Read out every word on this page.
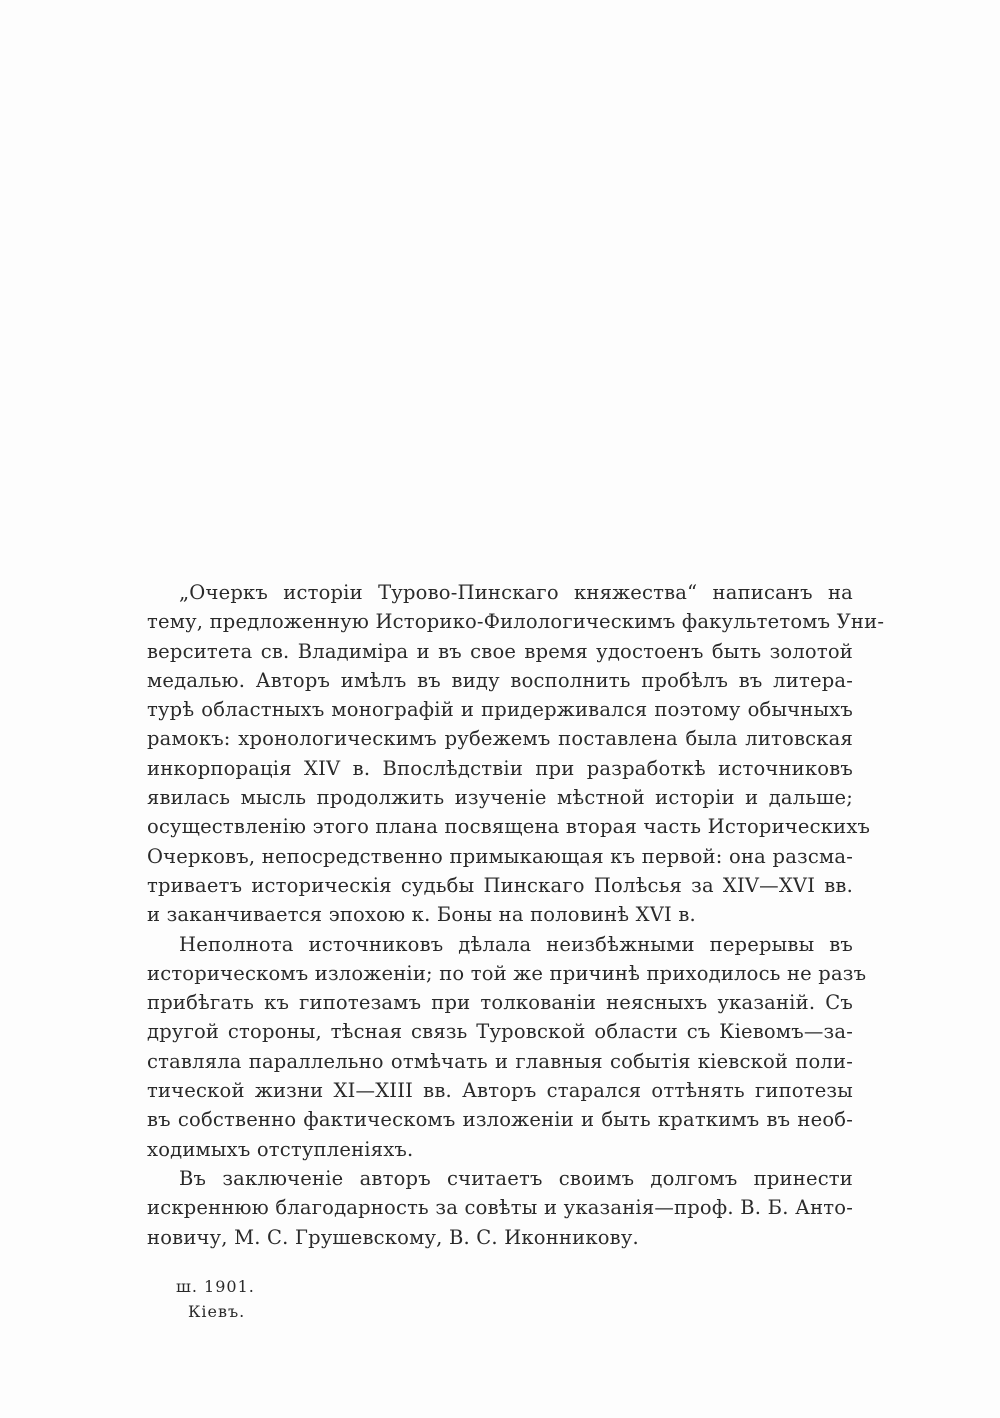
„Очеркъ исторіи Турово-Пинскаго княжества“ написанъ на
тему, предложенную Историко-Филологическимъ факультетомъ Уни-
верситета св. Владиміра и въ свое время удостоенъ быть золотой
медалью. Авторъ имѣлъ въ виду восполнить пробѣлъ въ литера-
турѣ областныхъ монографій и придерживался поэтому обычныхъ
рамокъ: хронологическимъ рубежемъ поставлена была литовская
инкорпорація XIV в. Впослѣдствіи при разработкѣ источниковъ
явилась мысль продолжить изученіе мѣстной исторіи и дальше;
осуществленію этого плана посвящена вторая часть Историческихъ
Очерковъ, непосредственно примыкающая къ первой: она разсма-
триваетъ историческія судьбы Пинскаго Полѣсья за XIV—XVI вв.
и заканчивается эпохою к. Боны на половинѣ XVI в.

Неполнота источниковъ дѣлала неизбѣжными перерывы въ
историческомъ изложеніи; по той же причинѣ приходилось не разъ
прибѣгать къ гипотезамъ при толкованіи неясныхъ указаній. Съ
другой стороны, тѣсная связь Туровской области съ Кіевомъ—за-
ставляла параллельно отмѣчать и главныя событія кіевской поли-
тической жизни XI—XIII вв. Авторъ старался оттѣнять гипотезы
въ собственно фактическомъ изложеніи и быть краткимъ въ необ-
ходимыхъ отступленіяхъ.

Въ заключеніе авторъ считаетъ своимъ долгомъ принести
искреннюю благодарность за совѣты и указанія—проф. В. Б. Анто-
новичу, М. С. Грушевскому, В. С. Иконникову.

ш. 1901.
Кіевъ.
